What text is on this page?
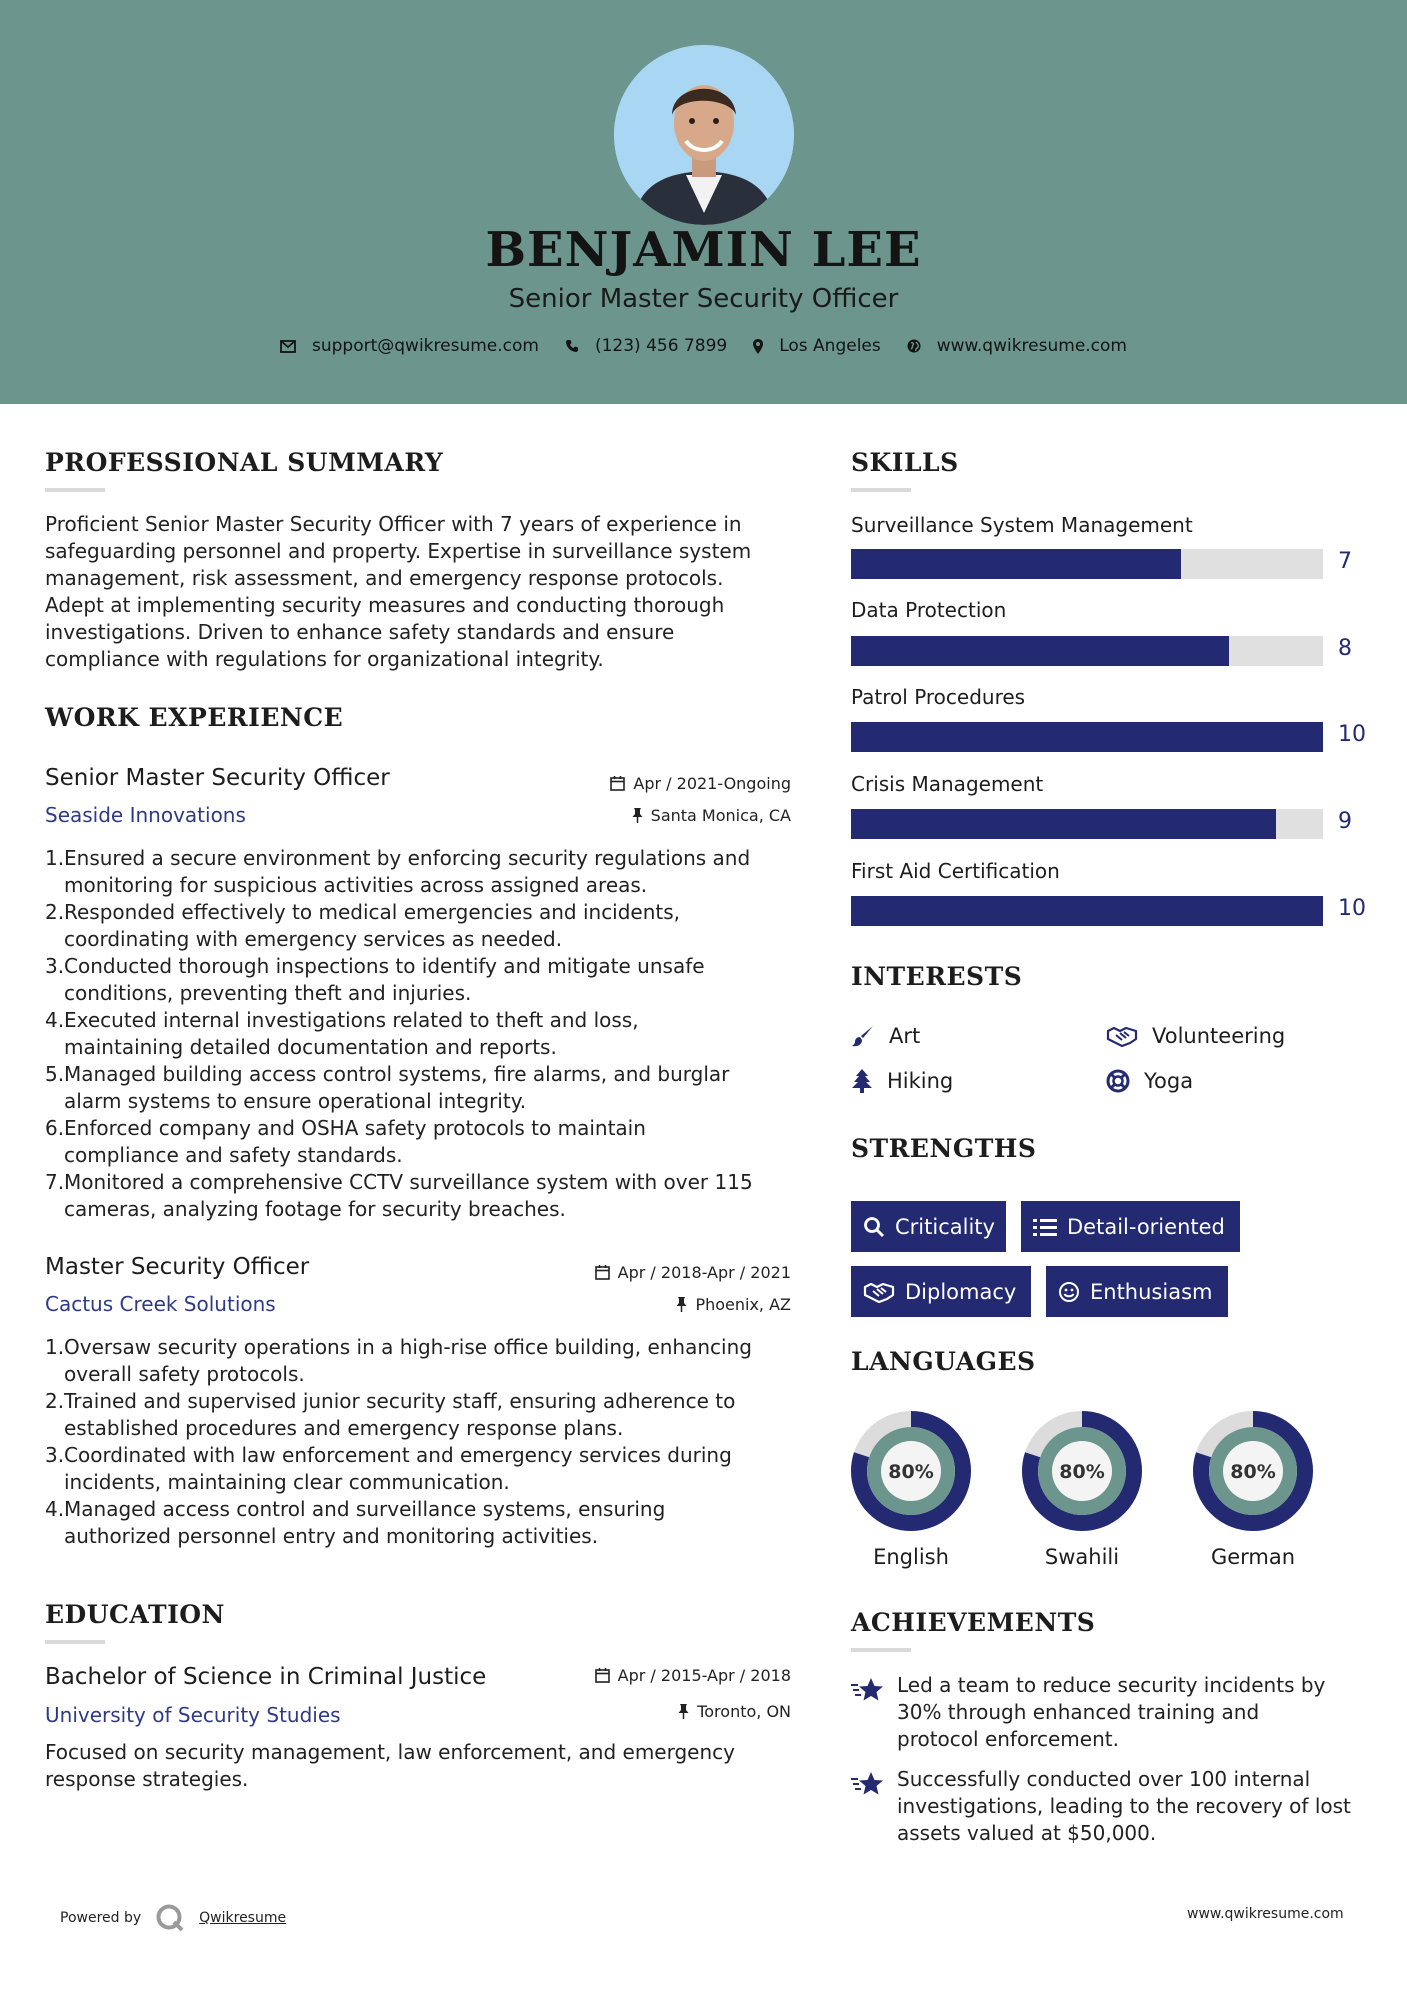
BENJAMIN LEE
Senior Master Security Officer
support@qwikresume.com	(123) 456 7899	Los Angeles	www.qwikresume.com
PROFESSIONAL SUMMARY
Proficient Senior Master Security Officer with 7 years of experience in
safeguarding personnel and property. Expertise in surveillance system
management, risk assessment, and emergency response protocols.
Adept at implementing security measures and conducting thorough
investigations. Driven to enhance safety standards and ensure
compliance with regulations for organizational integrity.
WORK EXPERIENCE
Senior Master Security Officer
Seaside Innovations
Apr / 2021-Ongoing
Santa Monica, CA
1. Ensured a secure environment by enforcing security regulations and
monitoring for suspicious activities across assigned areas.
2. Responded effectively to medical emergencies and incidents,
coordinating with emergency services as needed.
3. Conducted thorough inspections to identify and mitigate unsafe
conditions, preventing theft and injuries.
4. Executed internal investigations related to theft and loss,
maintaining detailed documentation and reports.
5. Managed building access control systems, fire alarms, and burglar
alarm systems to ensure operational integrity.
6. Enforced company and OSHA safety protocols to maintain
compliance and safety standards.
7. Monitored a comprehensive CCTV surveillance system with over 115
cameras, analyzing footage for security breaches.
Master Security Officer
Cactus Creek Solutions
Apr / 2018-Apr / 2021
Phoenix, AZ
1. Oversaw security operations in a high-rise office building, enhancing
overall safety protocols.
2. Trained and supervised junior security staff, ensuring adherence to
established procedures and emergency response plans.
3. Coordinated with law enforcement and emergency services during
incidents, maintaining clear communication.
4. Managed access control and surveillance systems, ensuring
authorized personnel entry and monitoring activities.
EDUCATION
Bachelor of Science in Criminal Justice
University of Security Studies
Apr / 2015-Apr / 2018
Toronto, ON
Focused on security management, law enforcement, and emergency
response strategies.
SKILLS
Surveillance System Management
7
Data Protection
8
Patrol Procedures
10
Crisis Management
9
First Aid Certification
10
INTERESTS
Art	Volunteering
Hiking	Yoga
STRENGTHS
Criticality	Detail-oriented
Diplomacy	Enthusiasm
LANGUAGES
80%
English
80%
Swahili
80%
German
ACHIEVEMENTS
Led a team to reduce security incidents by
30% through enhanced training and
protocol enforcement.
Successfully conducted over 100 internal
investigations, leading to the recovery of lost
assets valued at $50,000.
Powered by	Qwikresume	www.qwikresume.com
